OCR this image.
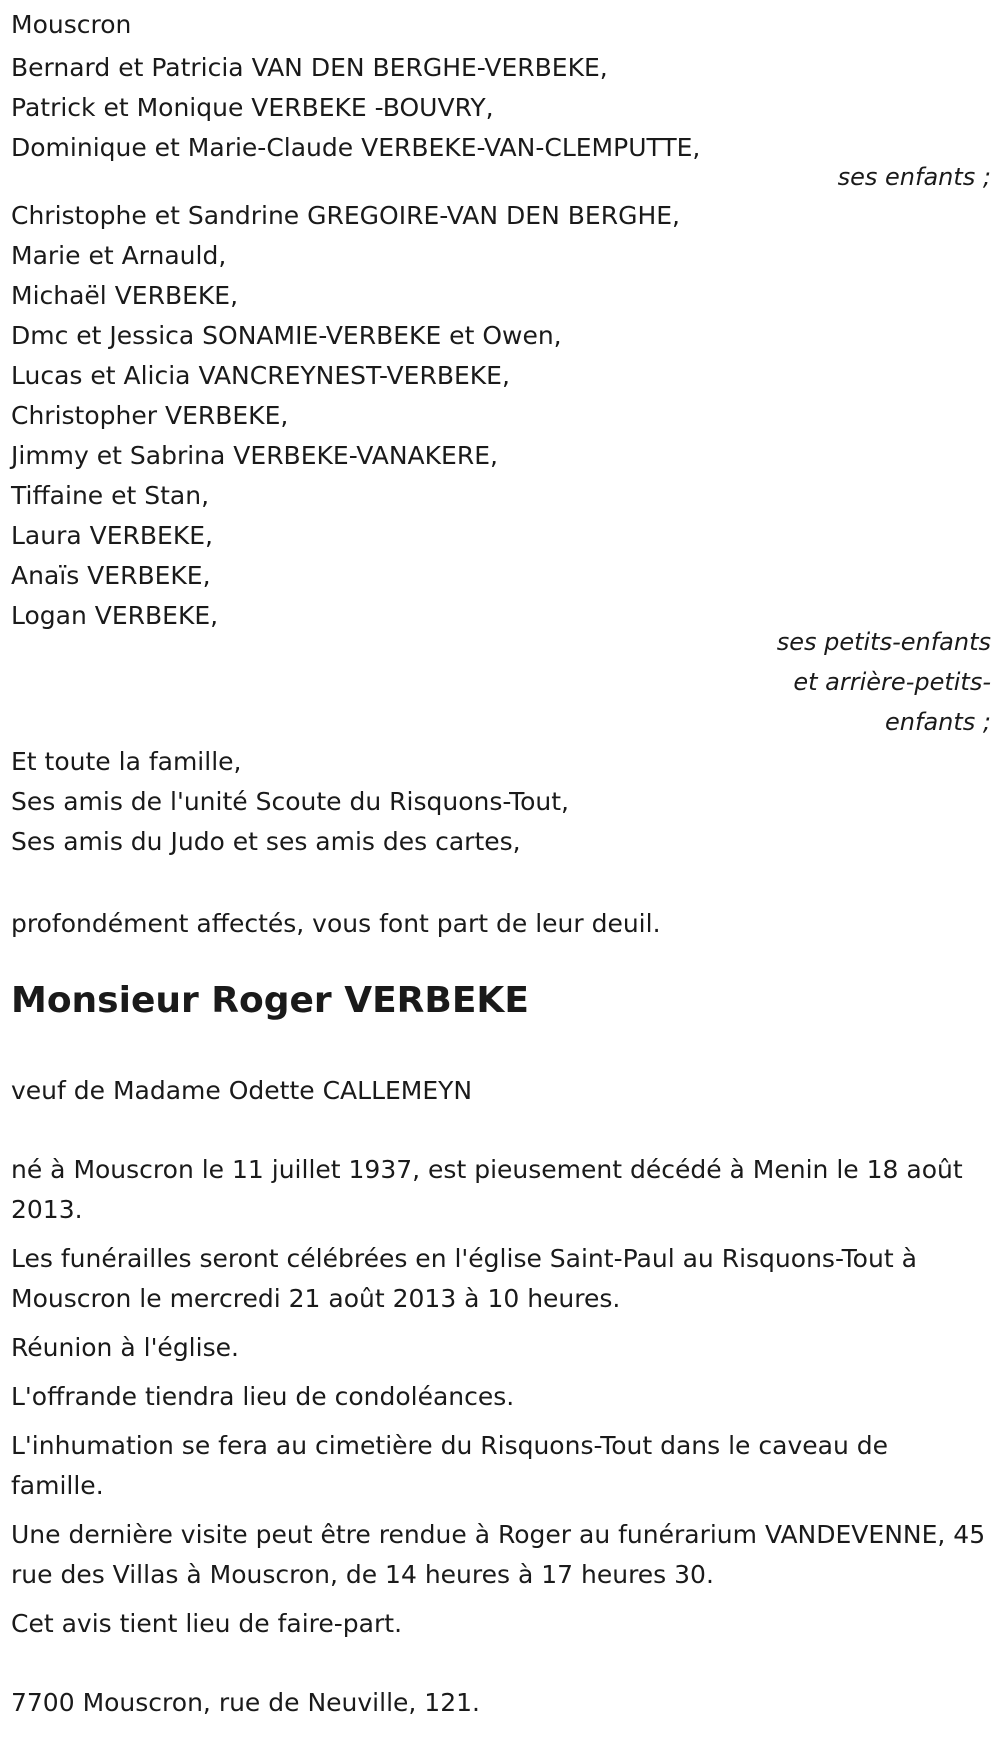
Mouscron

Bernard et Patricia VAN DEN BERGHE-VERBEKE,

Patrick et Monique VERBEKE -BOUVRY,

Dominique et Marie-Claude VERBEKE-VAN-CLEMPUTTE,

ses enfants ;

Christophe et Sandrine GREGOIRE-VAN DEN BERGHE,

Marie et Arnauld,

Michaël VERBEKE,

Dmc et Jessica SONAMIE-VERBEKE et Owen,

Lucas et Alicia VANCREYNEST-VERBEKE,

Christopher VERBEKE,

Jimmy et Sabrina VERBEKE-VANAKERE,

Tiffaine et Stan,

Laura VERBEKE,

Anaïs VERBEKE,

Logan VERBEKE,

ses petits-enfants
et arrière-petits-
enfants ;

Et toute la famille,

Ses amis de l'unité Scoute du Risquons-Tout,

Ses amis du Judo et ses amis des cartes,

profondément affectés, vous font part de leur deuil.

Monsieur Roger VERBEKE

veuf de Madame Odette CALLEMEYN

né à Mouscron le 11 juillet 1937, est pieusement décédé à Menin le 18 août 2013.

Les funérailles seront célébrées en l'église Saint-Paul au Risquons-Tout à Mouscron le mercredi 21 août 2013 à 10 heures.

Réunion à l'église.

L'offrande tiendra lieu de condoléances.

L'inhumation se fera au cimetière du Risquons-Tout dans le caveau de famille.

Une dernière visite peut être rendue à Roger au funérarium VANDEVENNE, 45 rue des Villas à Mouscron, de 14 heures à 17 heures 30.

Cet avis tient lieu de faire-part.

7700 Mouscron, rue de Neuville, 121.
